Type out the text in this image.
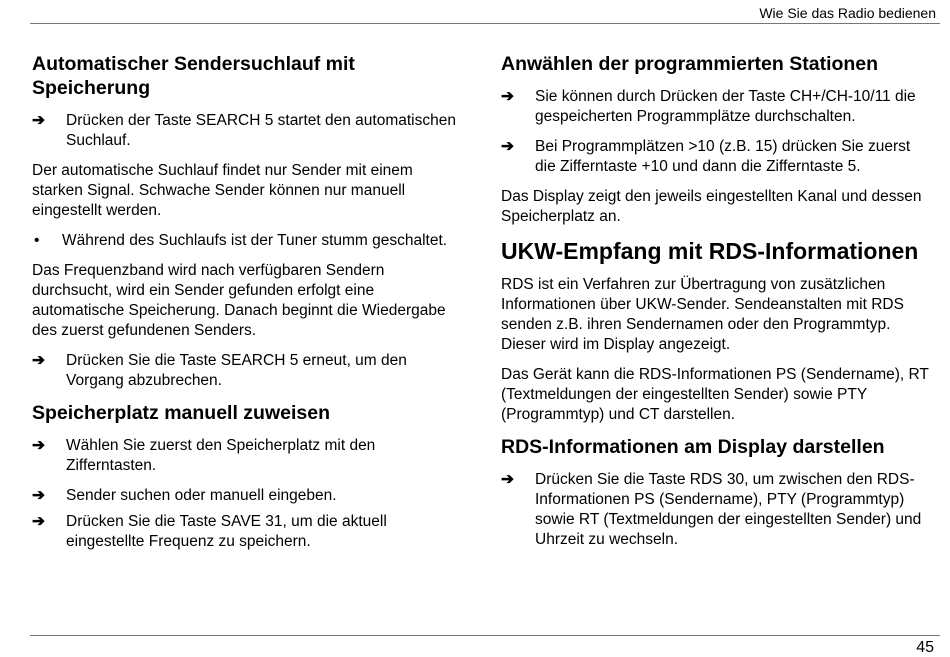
Wie Sie das Radio bedienen
Automatischer Sendersuchlauf mit Speicherung
➔ Drücken der Taste SEARCH 5 startet den automatischen Suchlauf.

Der automatische Suchlauf findet nur Sender mit einem starken Signal. Schwache Sender können nur manuell eingestellt werden.

• Während des Suchlaufs ist der Tuner stumm geschaltet.

Das Frequenzband wird nach verfügbaren Sendern durchsucht, wird ein Sender gefunden erfolgt eine automatische Speicherung. Danach beginnt die Wiedergabe des zuerst gefundenen Senders.

➔ Drücken Sie die Taste SEARCH 5 erneut, um den Vorgang abzubrechen.
Speicherplatz manuell zuweisen
➔ Wählen Sie zuerst den Speicherplatz mit den Zifferntasten.
➔ Sender suchen oder manuell eingeben.
➔ Drücken Sie die Taste SAVE 31, um die aktuell eingestellte Frequenz zu speichern.
Anwählen der programmierten Stationen
➔ Sie können durch Drücken der Taste CH+/CH-10/11 die gespeicherten Programmplätze durchschalten.
➔ Bei Programmplätzen >10 (z.B. 15) drücken Sie zuerst die Zifferntaste +10 und dann die Zifferntaste 5.

Das Display zeigt den jeweils eingestellten Kanal und dessen Speicherplatz an.

UKW-Empfang mit RDS-Informationen

RDS ist ein Verfahren zur Übertragung von zusätzlichen Informationen über UKW-Sender. Sendeanstalten mit RDS senden z.B. ihren Sendernamen oder den Programmtyp. Dieser wird im Display angezeigt.

Das Gerät kann die RDS-Informationen PS (Sendername), RT (Textmeldungen der eingestellten Sender) sowie PTY (Programmtyp) und CT darstellen.

RDS-Informationen am Display darstellen
➔ Drücken Sie die Taste RDS 30, um zwischen den RDS-Informationen PS (Sendername), PTY (Programmtyp) sowie RT (Textmeldungen der eingestellten Sender) und Uhrzeit zu wechseln.
45
